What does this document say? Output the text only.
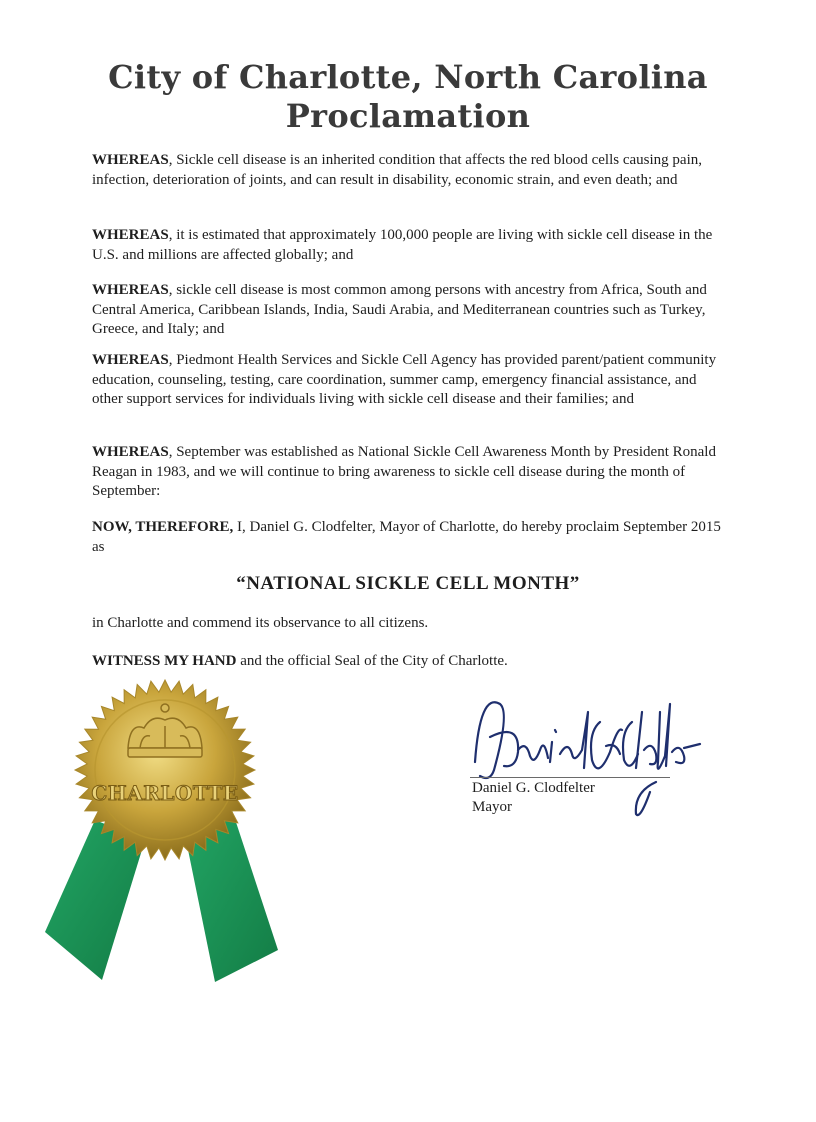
City of Charlotte, North Carolina
Proclamation
WHEREAS, Sickle cell disease is an inherited condition that affects the red blood cells causing pain, infection, deterioration of joints, and can result in disability, economic strain, and even death; and
WHEREAS, it is estimated that approximately 100,000 people are living with sickle cell disease in the U.S. and millions are affected globally; and
WHEREAS, sickle cell disease is most common among persons with ancestry from Africa, South and Central America, Caribbean Islands, India, Saudi Arabia, and Mediterranean countries such as Turkey, Greece, and Italy; and
WHEREAS, Piedmont Health Services and Sickle Cell Agency has provided parent/patient community education, counseling, testing, care coordination, summer camp, emergency financial assistance, and other support services for individuals living with sickle cell disease and their families; and
WHEREAS, September was established as National Sickle Cell Awareness Month by President Ronald Reagan in 1983, and we will continue to bring awareness to sickle cell disease during the month of September:
NOW, THEREFORE, I, Daniel G. Clodfelter, Mayor of Charlotte, do hereby proclaim September 2015 as
“NATIONAL SICKLE CELL MONTH”
in Charlotte and commend its observance to all citizens.
WITNESS MY HAND and the official Seal of the City of Charlotte.
CHARLOTTE	Daniel G. Clodfelter
Mayor
